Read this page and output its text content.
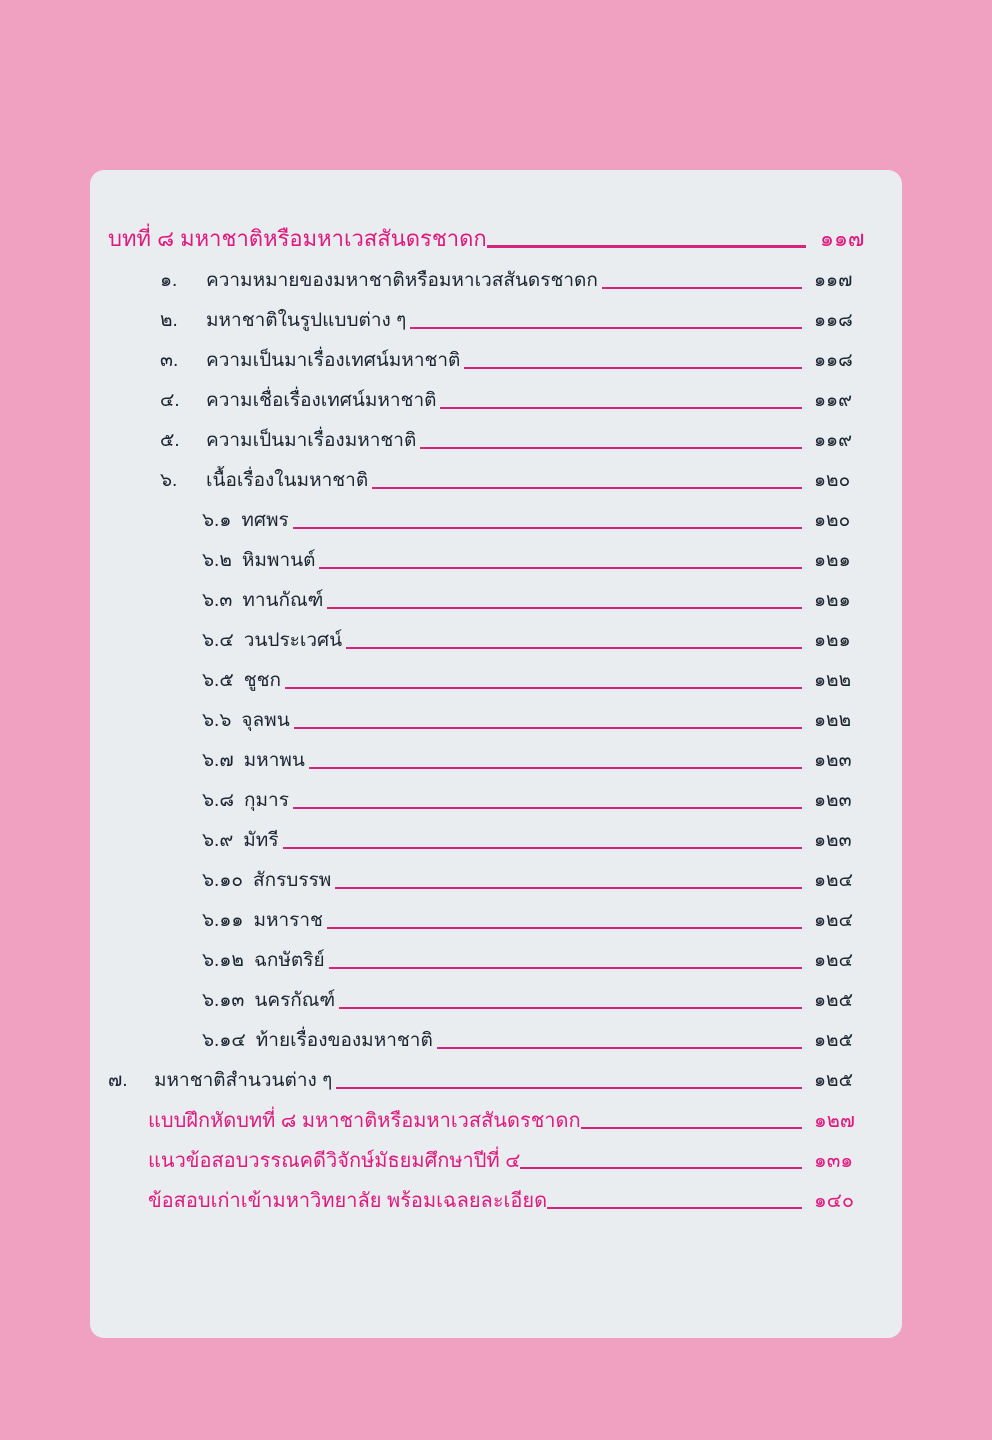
บทที่ ๘ มหาชาติหรือมหาเวสสันดรชาดก	๑๑๗
๑.	ความหมายของมหาชาติหรือมหาเวสสันดรชาดก	๑๑๗
๒.	มหาชาติในรูปแบบต่าง ๆ	๑๑๘
๓.	ความเป็นมาเรื่องเทศน์มหาชาติ	๑๑๘
๔.	ความเชื่อเรื่องเทศน์มหาชาติ	๑๑๙
๕.	ความเป็นมาเรื่องมหาชาติ	๑๑๙
๖.	เนื้อเรื่องในมหาชาติ	๑๒๐
๖.๑ ทศพร	๑๒๐
๖.๒ หิมพานต์	๑๒๑
๖.๓ ทานกัณฑ์	๑๒๑
๖.๔ วนประเวศน์	๑๒๑
๖.๕ ชูชก	๑๒๒
๖.๖ จุลพน	๑๒๒
๖.๗ มหาพน	๑๒๓
๖.๘ กุมาร	๑๒๓
๖.๙ มัทรี	๑๒๓
๖.๑๐ สักรบรรพ	๑๒๔
๖.๑๑ มหาราช	๑๒๔
๖.๑๒ ฉกษัตริย์	๑๒๔
๖.๑๓ นครกัณฑ์	๑๒๕
๖.๑๔ ท้ายเรื่องของมหาชาติ	๑๒๕
๗.	มหาชาติสำนวนต่าง ๆ	๑๒๕
แบบฝึกหัดบทที่ ๘ มหาชาติหรือมหาเวสสันดรชาดก	๑๒๗
แนวข้อสอบวรรณคดีวิจักษ์มัธยมศึกษาปีที่ ๔	๑๓๑
ข้อสอบเก่าเข้ามหาวิทยาลัย พร้อมเฉลยละเอียด	๑๔๐
